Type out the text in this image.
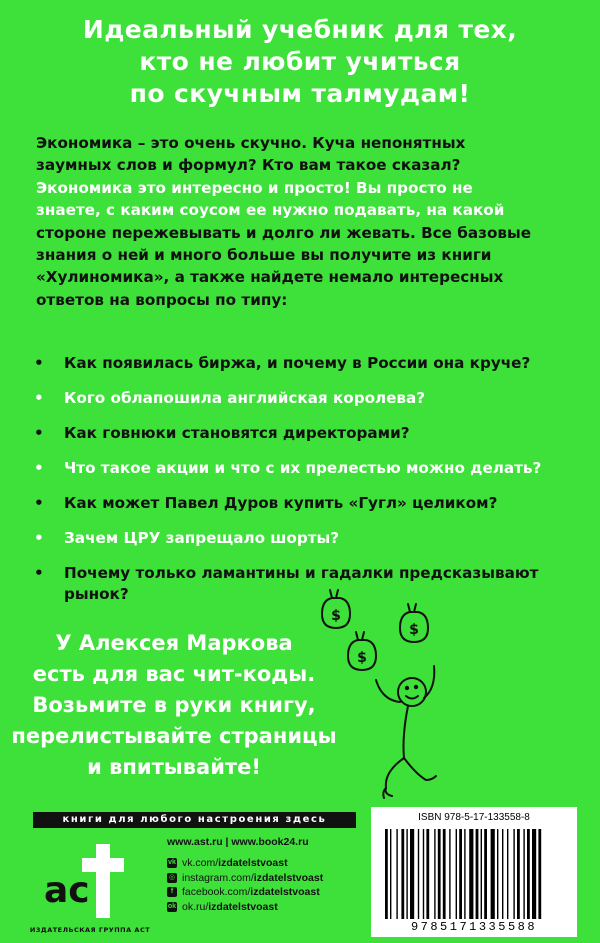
Идеальный учебник для тех,
кто не любит учиться
по скучным талмудам!
Экономика – это очень скучно. Куча непонятных
заумных слов и формул? Кто вам такое сказал?
Экономика это интересно и просто! Вы просто не
знаете, с каким соусом ее нужно подавать, на какой
стороне пережевывать и долго ли жевать. Все базовые
знания о ней и много больше вы получите из книги
«Хулиномика», а также найдете немало интересных
ответов на вопросы по типу:
• Как появилась биржа, и почему в России она круче?
• Кого облапошила английская королева?
• Как говнюки становятся директорами?
• Что такое акции и что с их прелестью можно делать?
• Как может Павел Дуров купить «Гугл» целиком?
• Зачем ЦРУ запрещало шорты?
• Почему только ламантины и гадалки предсказывают рынок?
У Алексея Маркова
есть для вас чит-коды.
Возьмите в руки книгу,
перелистывайте страницы
и впитывайте!
$
$
$
книги для любого настроения здесь
ac
ИЗДАТЕЛЬСКАЯ ГРУППА АСТ
www.ast.ru | www.book24.ru
vk vk.com/ izdatelstvoast
◎ instagram.com/ izdatelstvoast
f facebook.com/ izdatelstvoast
ok ok.ru/ izdatelstvoast
ISBN 978-5-17-133558-8
9785171335588
